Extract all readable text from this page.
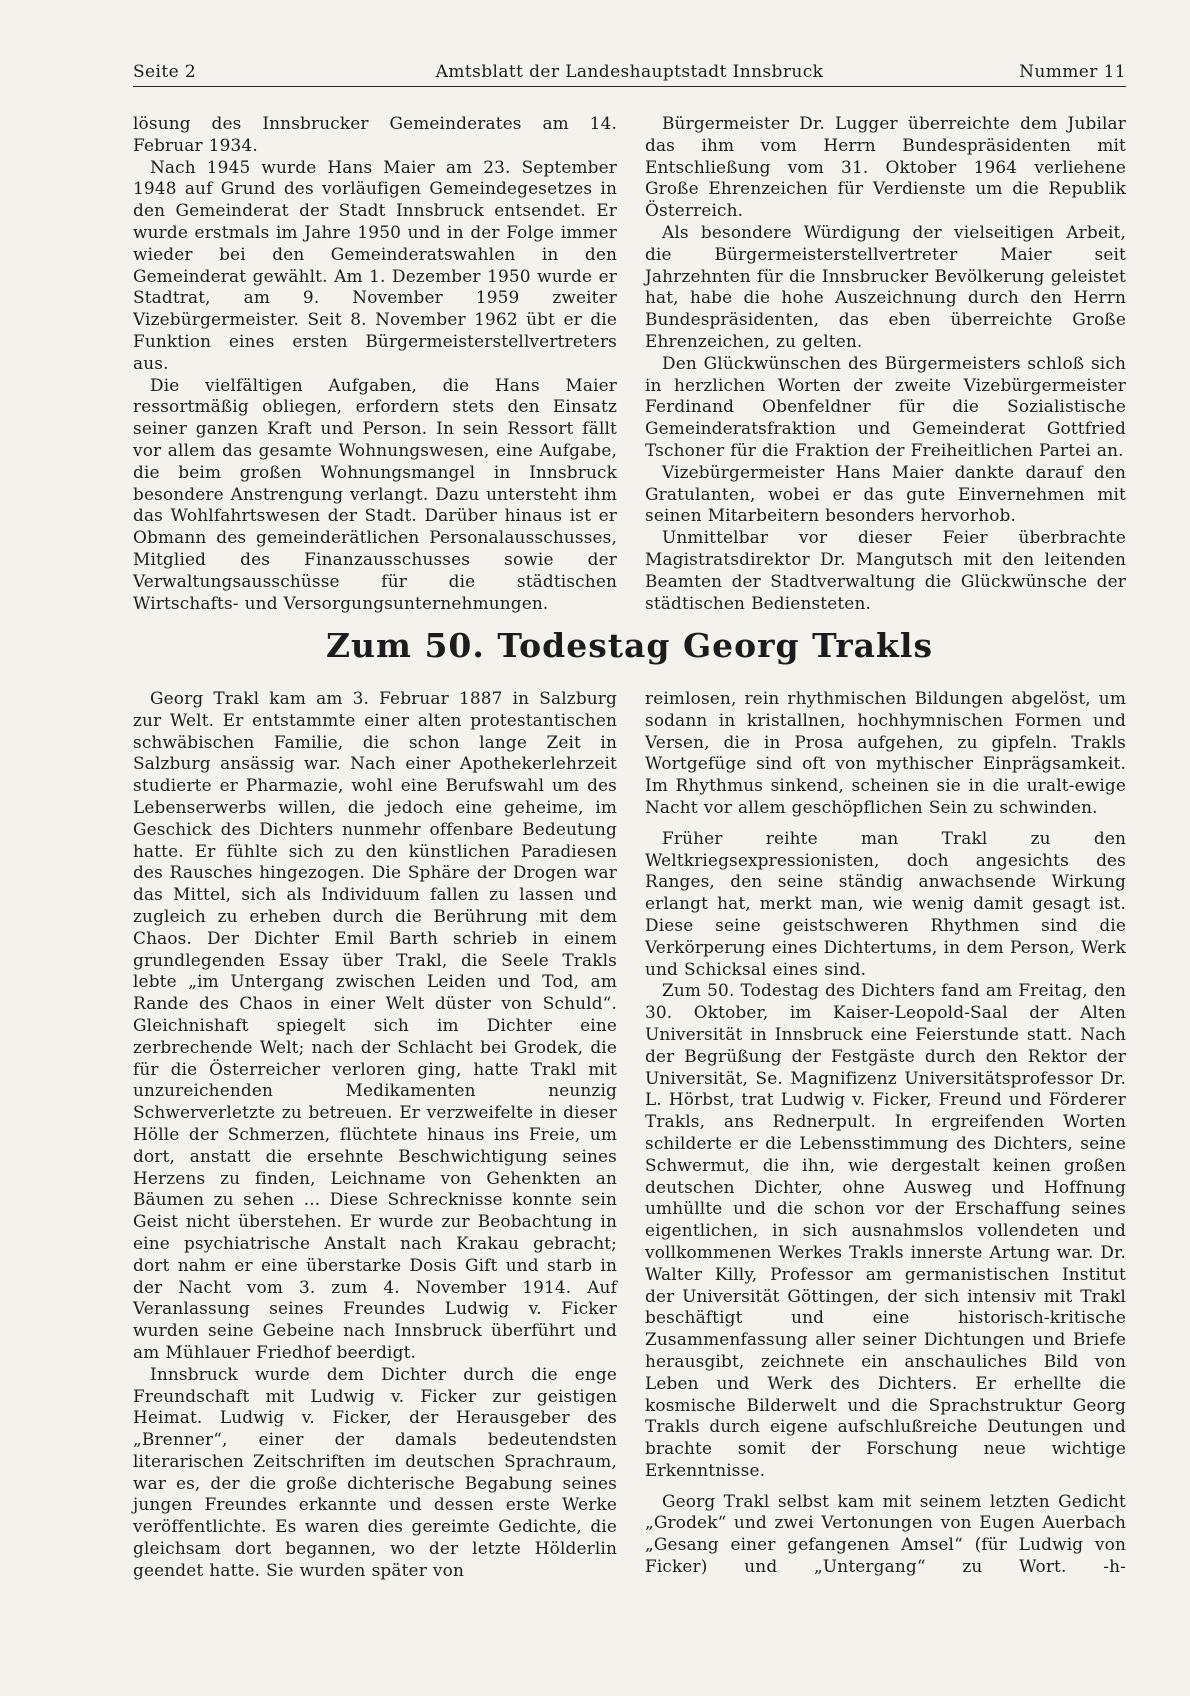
Seite 2	Amtsblatt der Landeshauptstadt Innsbruck	Nummer 11

lösung des Innsbrucker Gemeinderates am 14. Februar 1934.

Nach 1945 wurde Hans Maier am 23. September 1948 auf Grund des vorläufigen Gemeindegesetzes in den Gemeinderat der Stadt Innsbruck entsendet. Er wurde erstmals im Jahre 1950 und in der Folge immer wieder bei den Gemeinderatswahlen in den Gemeinderat gewählt. Am 1. Dezember 1950 wurde er Stadtrat, am 9. November 1959 zweiter Vizebürgermeister. Seit 8. November 1962 übt er die Funktion eines ersten Bürgermeisterstellvertreters aus.

Die vielfältigen Aufgaben, die Hans Maier ressortmäßig obliegen, erfordern stets den Einsatz seiner ganzen Kraft und Person. In sein Ressort fällt vor allem das gesamte Wohnungswesen, eine Aufgabe, die beim großen Wohnungsmangel in Innsbruck besondere Anstrengung verlangt. Dazu untersteht ihm das Wohlfahrtswesen der Stadt. Darüber hinaus ist er Obmann des gemeinderätlichen Personalausschusses, Mitglied des Finanzausschusses sowie der Verwaltungsausschüsse für die städtischen Wirtschafts- und Versorgungsunternehmungen.

Bürgermeister Dr. Lugger überreichte dem Jubilar das ihm vom Herrn Bundespräsidenten mit Entschließung vom 31. Oktober 1964 verliehene Große Ehrenzeichen für Verdienste um die Republik Österreich.

Als besondere Würdigung der vielseitigen Arbeit, die Bürgermeisterstellvertreter Maier seit Jahrzehnten für die Innsbrucker Bevölkerung geleistet hat, habe die hohe Auszeichnung durch den Herrn Bundespräsidenten, das eben überreichte Große Ehrenzeichen, zu gelten.

Den Glückwünschen des Bürgermeisters schloß sich in herzlichen Worten der zweite Vizebürgermeister Ferdinand Obenfeldner für die Sozialistische Gemeinderatsfraktion und Gemeinderat Gottfried Tschoner für die Fraktion der Freiheitlichen Partei an.

Vizebürgermeister Hans Maier dankte darauf den Gratulanten, wobei er das gute Einvernehmen mit seinen Mitarbeitern besonders hervorhob.

Unmittelbar vor dieser Feier überbrachte Magistratsdirektor Dr. Mangutsch mit den leitenden Beamten der Stadtverwaltung die Glückwünsche der städtischen Bediensteten.

Zum 50. Todestag Georg Trakls

Georg Trakl kam am 3. Februar 1887 in Salzburg zur Welt. Er entstammte einer alten protestantischen schwäbischen Familie, die schon lange Zeit in Salzburg ansässig war. Nach einer Apothekerlehrzeit studierte er Pharmazie, wohl eine Berufswahl um des Lebenserwerbs willen, die jedoch eine geheime, im Geschick des Dichters nunmehr offenbare Bedeutung hatte. Er fühlte sich zu den künstlichen Paradiesen des Rausches hingezogen. Die Sphäre der Drogen war das Mittel, sich als Individuum fallen zu lassen und zugleich zu erheben durch die Berührung mit dem Chaos. Der Dichter Emil Barth schrieb in einem grundlegenden Essay über Trakl, die Seele Trakls lebte „im Untergang zwischen Leiden und Tod, am Rande des Chaos in einer Welt düster von Schuld“. Gleichnishaft spiegelt sich im Dichter eine zerbrechende Welt; nach der Schlacht bei Grodek, die für die Österreicher verloren ging, hatte Trakl mit unzureichenden Medikamenten neunzig Schwerverletzte zu betreuen. Er verzweifelte in dieser Hölle der Schmerzen, flüchtete hinaus ins Freie, um dort, anstatt die ersehnte Beschwichtigung seines Herzens zu finden, Leichname von Gehenkten an Bäumen zu sehen ... Diese Schrecknisse konnte sein Geist nicht überstehen. Er wurde zur Beobachtung in eine psychiatrische Anstalt nach Krakau gebracht; dort nahm er eine überstarke Dosis Gift und starb in der Nacht vom 3. zum 4. November 1914. Auf Veranlassung seines Freundes Ludwig v. Ficker wurden seine Gebeine nach Innsbruck überführt und am Mühlauer Friedhof beerdigt.

Innsbruck wurde dem Dichter durch die enge Freundschaft mit Ludwig v. Ficker zur geistigen Heimat. Ludwig v. Ficker, der Herausgeber des „Brenner“, einer der damals bedeutendsten literarischen Zeitschriften im deutschen Sprachraum, war es, der die große dichterische Begabung seines jungen Freundes erkannte und dessen erste Werke veröffentlichte. Es waren dies gereimte Gedichte, die gleichsam dort begannen, wo der letzte Hölderlin geendet hatte. Sie wurden später von

reimlosen, rein rhythmischen Bildungen abgelöst, um sodann in kristallnen, hochhymnischen Formen und Versen, die in Prosa aufgehen, zu gipfeln. Trakls Wortgefüge sind oft von mythischer Einprägsamkeit. Im Rhythmus sinkend, scheinen sie in die uralt-ewige Nacht vor allem geschöpflichen Sein zu schwinden.

Früher reihte man Trakl zu den Weltkriegsexpressionisten, doch angesichts des Ranges, den seine ständig anwachsende Wirkung erlangt hat, merkt man, wie wenig damit gesagt ist. Diese seine geistschweren Rhythmen sind die Verkörperung eines Dichtertums, in dem Person, Werk und Schicksal eines sind.

Zum 50. Todestag des Dichters fand am Freitag, den 30. Oktober, im Kaiser-Leopold-Saal der Alten Universität in Innsbruck eine Feierstunde statt. Nach der Begrüßung der Festgäste durch den Rektor der Universität, Se. Magnifizenz Universitätsprofessor Dr. L. Hörbst, trat Ludwig v. Ficker, Freund und Förderer Trakls, ans Rednerpult. In ergreifenden Worten schilderte er die Lebensstimmung des Dichters, seine Schwermut, die ihn, wie dergestalt keinen großen deutschen Dichter, ohne Ausweg und Hoffnung umhüllte und die schon vor der Erschaffung seines eigentlichen, in sich ausnahmslos vollendeten und vollkommenen Werkes Trakls innerste Artung war. Dr. Walter Killy, Professor am germanistischen Institut der Universität Göttingen, der sich intensiv mit Trakl beschäftigt und eine historisch-kritische Zusammenfassung aller seiner Dichtungen und Briefe herausgibt, zeichnete ein anschauliches Bild von Leben und Werk des Dichters. Er erhellte die kosmische Bilderwelt und die Sprachstruktur Georg Trakls durch eigene aufschlußreiche Deutungen und brachte somit der Forschung neue wichtige Erkenntnisse.

Georg Trakl selbst kam mit seinem letzten Gedicht „Grodek“ und zwei Vertonungen von Eugen Auerbach „Gesang einer gefangenen Amsel“ (für Ludwig von Ficker) und „Untergang“ zu Wort. -h-
